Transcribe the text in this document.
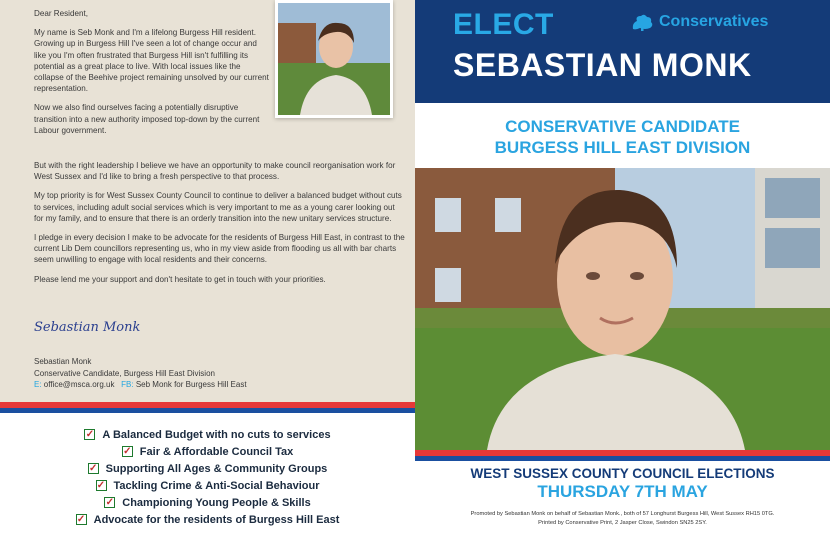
Dear Resident,

My name is Seb Monk and I'm a lifelong Burgess Hill resident. Growing up in Burgess Hill I've seen a lot of change occur and like you I'm often frustrated that Burgess Hill isn't fulfilling its potential as a great place to live. With local issues like the collapse of the Beehive project remaining unsolved by our current representation.

Now we also find ourselves facing a potentially disruptive transition into a new authority imposed top-down by the current Labour government.

But with the right leadership I believe we have an opportunity to make council reorganisation work for West Sussex and I'd like to bring a fresh perspective to that process.

My top priority is for West Sussex County Council to continue to deliver a balanced budget without cuts to services, including adult social services which is very important to me as a young carer looking out for my family, and to ensure that there is an orderly transition into the new unitary services structure.

I pledge in every decision I make to be advocate for the residents of Burgess Hill East, in contrast to the current Lib Dem councillors representing us, who in my view aside from flooding us all with bar charts seem unwilling to engage with local residents and their concerns.

Please lend me your support and don't hesitate to get in touch with your priorities.

Sebastian Monk
Sebastian Monk
Conservative Candidate, Burgess Hill East Division
E: office@msca.org.uk FB: Seb Monk for Burgess Hill East
✓ A Balanced Budget with no cuts to services
✓ Fair & Affordable Council Tax
✓ Supporting All Ages & Community Groups
✓ Tackling Crime & Anti-Social Behaviour
✓ Championing Young People & Skills
✓ Advocate for the residents of Burgess Hill East
ELECT	Conservatives
SEBASTIAN MONK
CONSERVATIVE CANDIDATE
BURGESS HILL EAST DIVISION
WEST SUSSEX COUNTY COUNCIL ELECTIONS
THURSDAY 7TH MAY
Promoted by Sebastian Monk on behalf of Sebastian Monk., both of 57 Longhurst Burgess Hill, West Sussex RH15 0TG.
Printed by Conservative Print, 2 Jasper Close, Swindon SN25 2SY.
